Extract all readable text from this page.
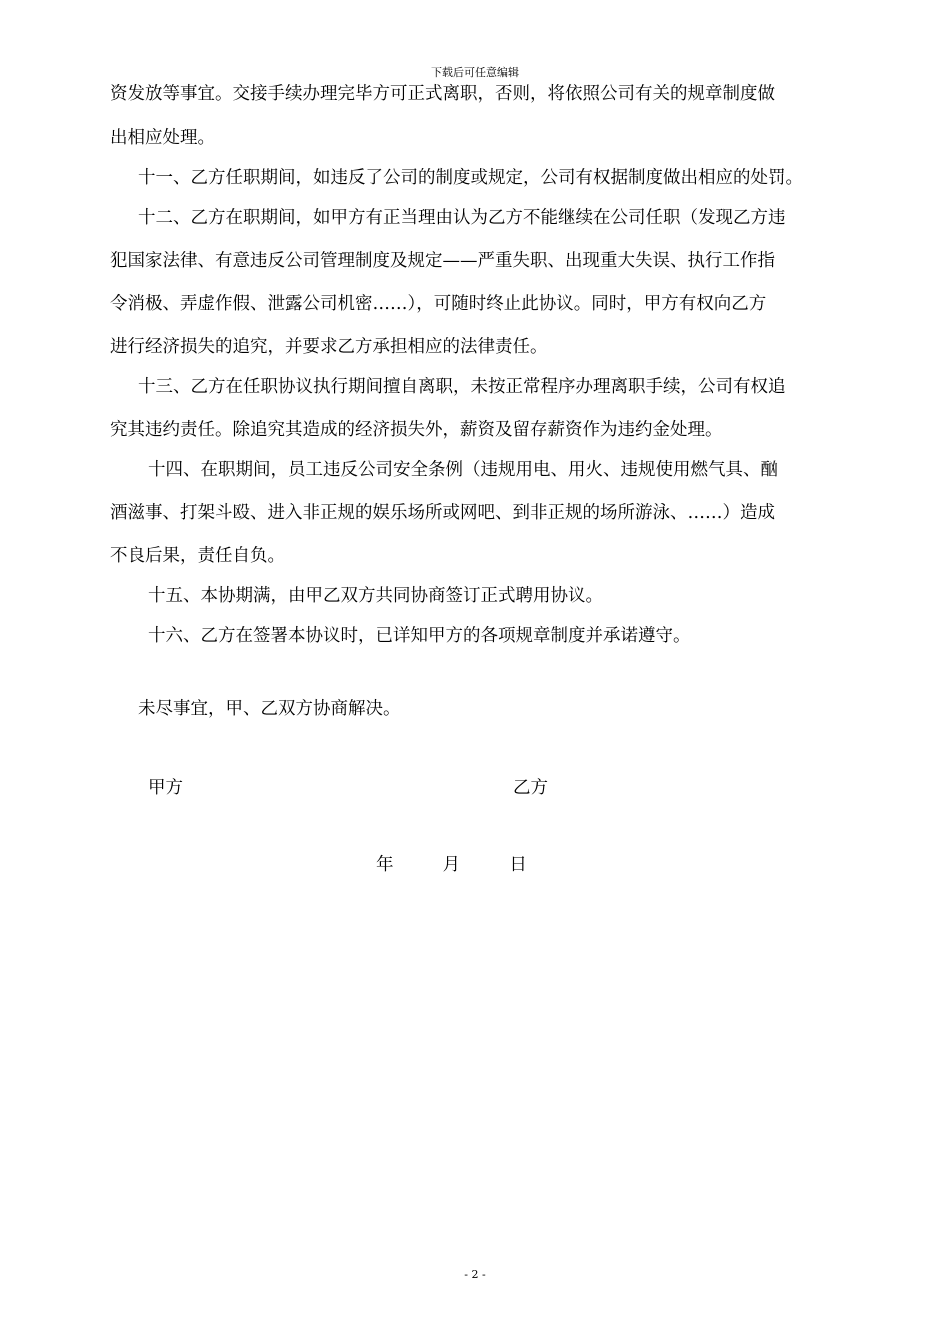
下载后可任意编辑
资发放等事宜。交接手续办理完毕方可正式离职，否则，将依照公司有关的规章制度做
出相应处理。
十一、乙方任职期间，如违反了公司的制度或规定，公司有权据制度做出相应的处罚。
十二、乙方在职期间，如甲方有正当理由认为乙方不能继续在公司任职（发现乙方违
犯国家法律、有意违反公司管理制度及规定——严重失职、出现重大失误、执行工作指
令消极、弄虚作假、泄露公司机密……），可随时终止此协议。同时，甲方有权向乙方
进行经济损失的追究，并要求乙方承担相应的法律责任。
十三、乙方在任职协议执行期间擅自离职，未按正常程序办理离职手续，公司有权追
究其违约责任。除追究其造成的经济损失外，薪资及留存薪资作为违约金处理。
十四、在职期间，员工违反公司安全条例（违规用电、用火、违规使用燃气具、酗
酒滋事、打架斗殴、进入非正规的娱乐场所或网吧、到非正规的场所游泳、……）造成
不良后果，责任自负。
十五、本协期满，由甲乙双方共同协商签订正式聘用协议。
十六、乙方在签署本协议时，已详知甲方的各项规章制度并承诺遵守。
未尽事宜，甲、乙双方协商解决。
甲方	乙方
年	月	日
- 2 -
